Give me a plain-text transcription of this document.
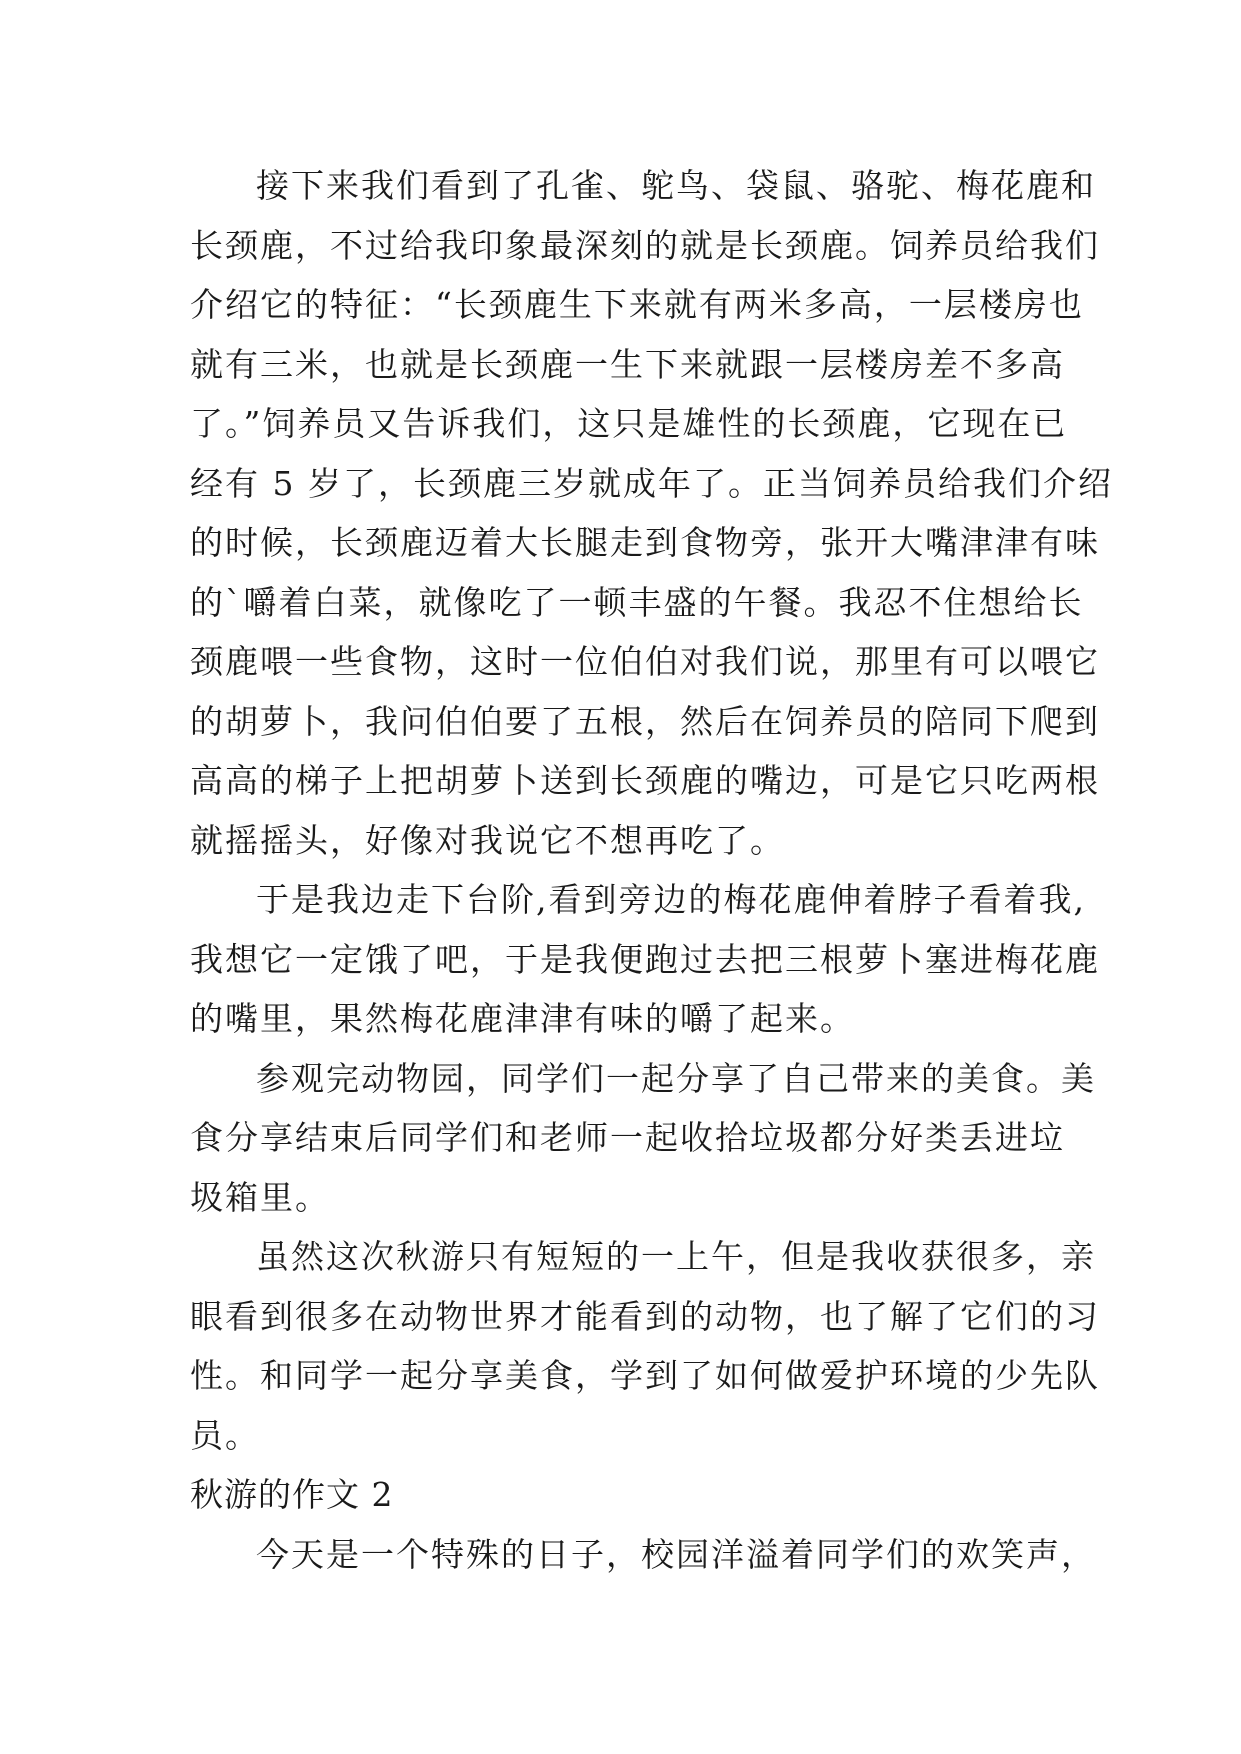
接下来我们看到了孔雀、鸵鸟、袋鼠、骆驼、梅花鹿和
长颈鹿，不过给我印象最深刻的就是长颈鹿。饲养员给我们
介绍它的特征：“长颈鹿生下来就有两米多高，一层楼房也
就有三米，也就是长颈鹿一生下来就跟一层楼房差不多高
了。”饲养员又告诉我们，这只是雄性的长颈鹿，它现在已
经有 5 岁了，长颈鹿三岁就成年了。正当饲养员给我们介绍
的时候，长颈鹿迈着大长腿走到食物旁，张开大嘴津津有味
的`嚼着白菜，就像吃了一顿丰盛的午餐。我忍不住想给长
颈鹿喂一些食物，这时一位伯伯对我们说，那里有可以喂它
的胡萝卜，我问伯伯要了五根，然后在饲养员的陪同下爬到
高高的梯子上把胡萝卜送到长颈鹿的嘴边，可是它只吃两根
就摇摇头，好像对我说它不想再吃了。
于是我边走下台阶,看到旁边的梅花鹿伸着脖子看着我,
我想它一定饿了吧，于是我便跑过去把三根萝卜塞进梅花鹿
的嘴里，果然梅花鹿津津有味的嚼了起来。
参观完动物园，同学们一起分享了自己带来的美食。美
食分享结束后同学们和老师一起收拾垃圾都分好类丢进垃
圾箱里。
虽然这次秋游只有短短的一上午，但是我收获很多，亲
眼看到很多在动物世界才能看到的动物，也了解了它们的习
性。和同学一起分享美食，学到了如何做爱护环境的少先队
员。
秋游的作文 2
今天是一个特殊的日子，校园洋溢着同学们的欢笑声，
